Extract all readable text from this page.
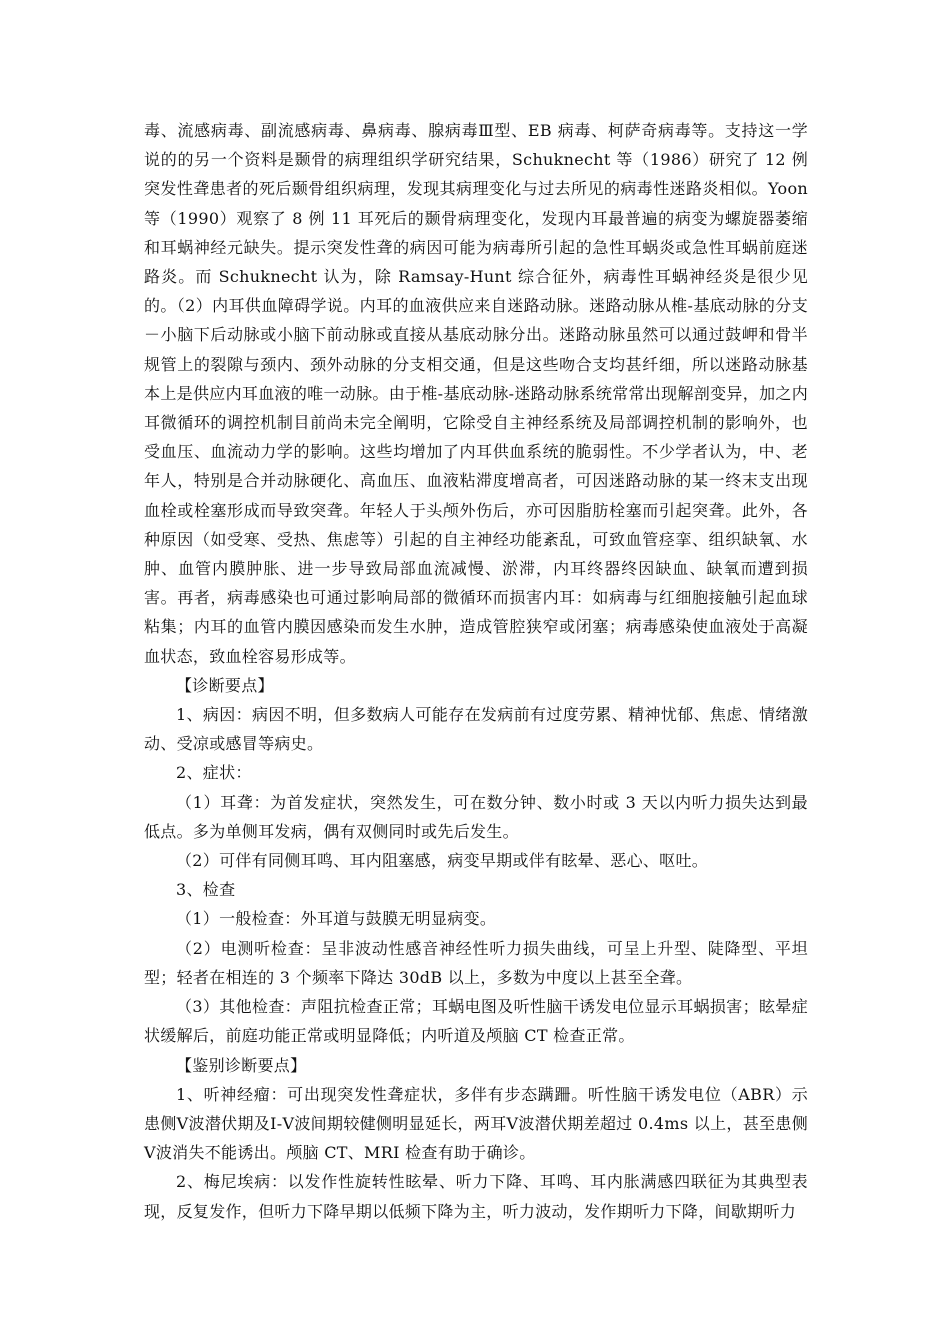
毒、流感病毒、副流感病毒、鼻病毒、腺病毒Ⅲ型、EB 病毒、柯萨奇病毒等。支持这一学说的的另一个资料是颞骨的病理组织学研究结果，Schuknecht 等（1986）研究了 12 例突发性聋患者的死后颞骨组织病理，发现其病理变化与过去所见的病毒性迷路炎相似。Yoon 等（1990）观察了 8 例 11 耳死后的颞骨病理变化，发现内耳最普遍的病变为螺旋器萎缩和耳蜗神经元缺失。提示突发性聋的病因可能为病毒所引起的急性耳蜗炎或急性耳蜗前庭迷路炎。而 Schuknecht 认为，除 Ramsay-Hunt 综合征外，病毒性耳蜗神经炎是很少见的。（2）内耳供血障碍学说。内耳的血液供应来自迷路动脉。迷路动脉从椎-基底动脉的分支 －小脑下后动脉或小脑下前动脉或直接从基底动脉分出。迷路动脉虽然可以通过鼓岬和骨半规管上的裂隙与颈内、颈外动脉的分支相交通，但是这些吻合支均甚纤细，所以迷路动脉基本上是供应内耳血液的唯一动脉。由于椎-基底动脉-迷路动脉系统常常出现解剖变异，加之内耳微循环的调控机制目前尚未完全阐明，它除受自主神经系统及局部调控机制的影响外，也受血压、血流动力学的影响。这些均增加了内耳供血系统的脆弱性。不少学者认为，中、老年人，特别是合并动脉硬化、高血压、血液粘滞度增高者，可因迷路动脉的某一终末支出现血栓或栓塞形成而导致突聋。年轻人于头颅外伤后，亦可因脂肪栓塞而引起突聋。此外，各种原因（如受寒、受热、焦虑等）引起的自主神经功能紊乱，可致血管痉挛、组织缺氧、水肿、血管内膜肿胀、进一步导致局部血流减慢、淤滞，内耳终器终因缺血、缺氧而遭到损害。再者，病毒感染也可通过影响局部的微循环而损害内耳：如病毒与红细胞接触引起血球粘集；内耳的血管内膜因感染而发生水肿，造成管腔狭窄或闭塞；病毒感染使血液处于高凝血状态，致血栓容易形成等。

【诊断要点】

1、病因：病因不明，但多数病人可能存在发病前有过度劳累、精神忧郁、焦虑、情绪激动、受凉或感冒等病史。

2、症状：

（1）耳聋：为首发症状，突然发生，可在数分钟、数小时或 3 天以内听力损失达到最低点。多为单侧耳发病，偶有双侧同时或先后发生。

（2）可伴有同侧耳鸣、耳内阻塞感，病变早期或伴有眩晕、恶心、呕吐。

3、检查

（1）一般检查：外耳道与鼓膜无明显病变。

（2）电测听检查：呈非波动性感音神经性听力损失曲线，可呈上升型、陡降型、平坦型；轻者在相连的 3 个频率下降达 30dB 以上，多数为中度以上甚至全聋。

（3）其他检查：声阻抗检查正常；耳蜗电图及听性脑干诱发电位显示耳蜗损害；眩晕症状缓解后，前庭功能正常或明显降低；内听道及颅脑 CT 检查正常。

【鉴别诊断要点】

1、听神经瘤：可出现突发性聋症状，多伴有步态蹒跚。听性脑干诱发电位（ABR）示患侧Ⅴ波潜伏期及Ⅰ-Ⅴ波间期较健侧明显延长，两耳Ⅴ波潜伏期差超过 0.4ms 以上，甚至患侧Ⅴ波消失不能诱出。颅脑 CT、MRI 检查有助于确诊。

2、梅尼埃病：以发作性旋转性眩晕、听力下降、耳鸣、耳内胀满感四联征为其典型表现，反复发作，但听力下降早期以低频下降为主，听力波动，发作期听力下降，间歇期听力
